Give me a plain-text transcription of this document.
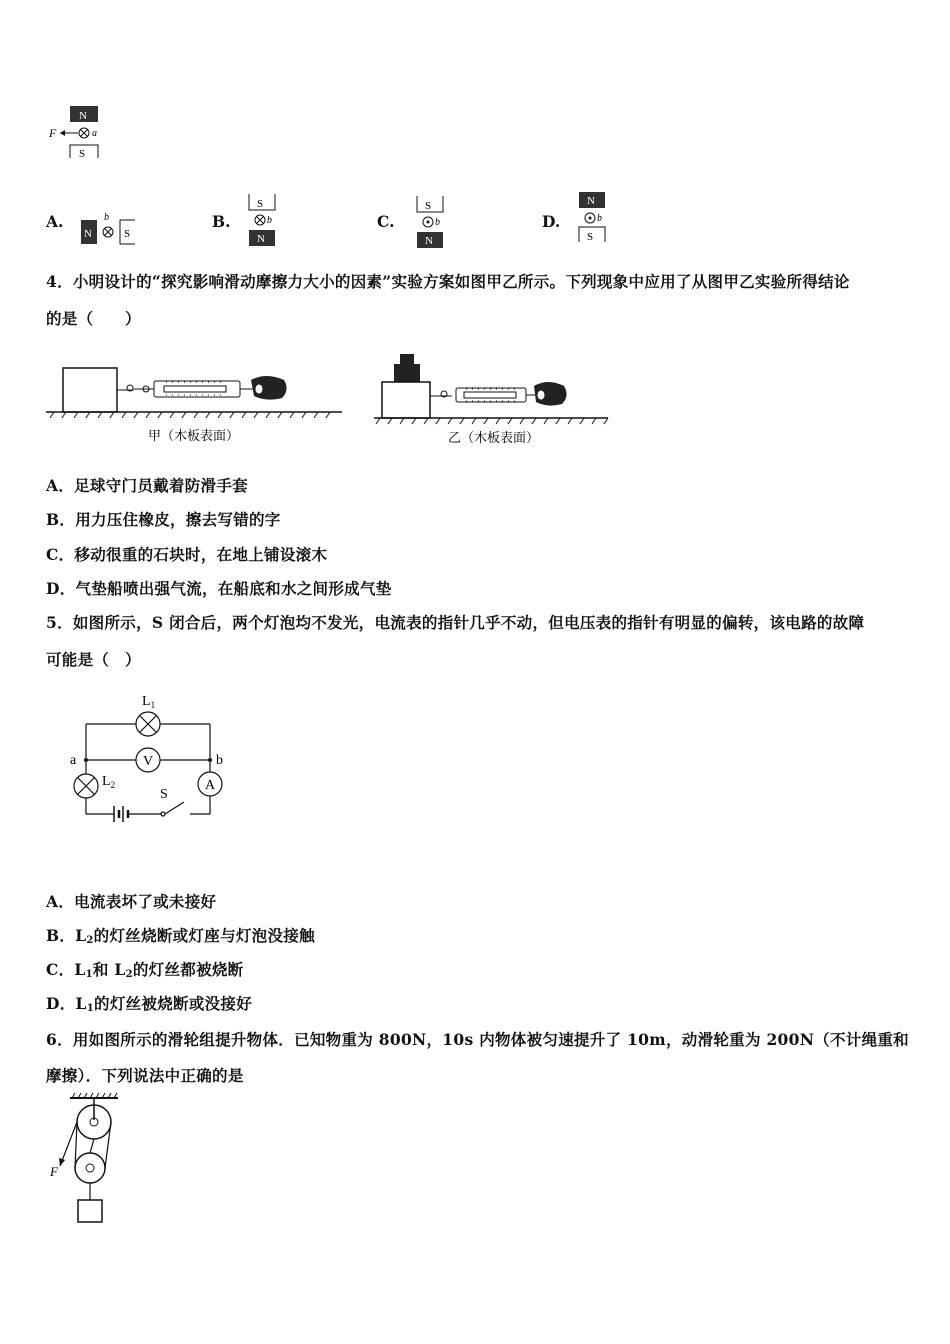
N
F	a
S
A.
N
b
S
B.
S
b
N
C.
S
b
N
D.
N
b
S
4．小明设计的“探究影响滑动摩擦力大小的因素”实验方案如图甲乙所示。下列现象中应用了从图甲乙实验所得结论
的是（　　）
甲（木板表面）	乙（木板表面）
A．足球守门员戴着防滑手套
B．用力压住橡皮，擦去写错的字
C．移动很重的石块时，在地上铺设滚木
D．气垫船喷出强气流，在船底和水之间形成气垫
5．如图所示，S 闭合后，两个灯泡均不发光，电流表的指针几乎不动，但电压表的指针有明显的偏转，该电路的故障
可能是（　）
$L_1$
$L_2$
a	b
V
A
S
A．电流表坏了或未接好
B．$L_2$的灯丝烧断或灯座与灯泡没接触
C．$L_1$和 $L_2$的灯丝都被烧断
D．$L_1$的灯丝被烧断或没接好
6．用如图所示的滑轮组提升物体．已知物重为 800N，10s 内物体被匀速提升了 10m，动滑轮重为 200N（不计绳重和
摩擦）．下列说法中正确的是
F
